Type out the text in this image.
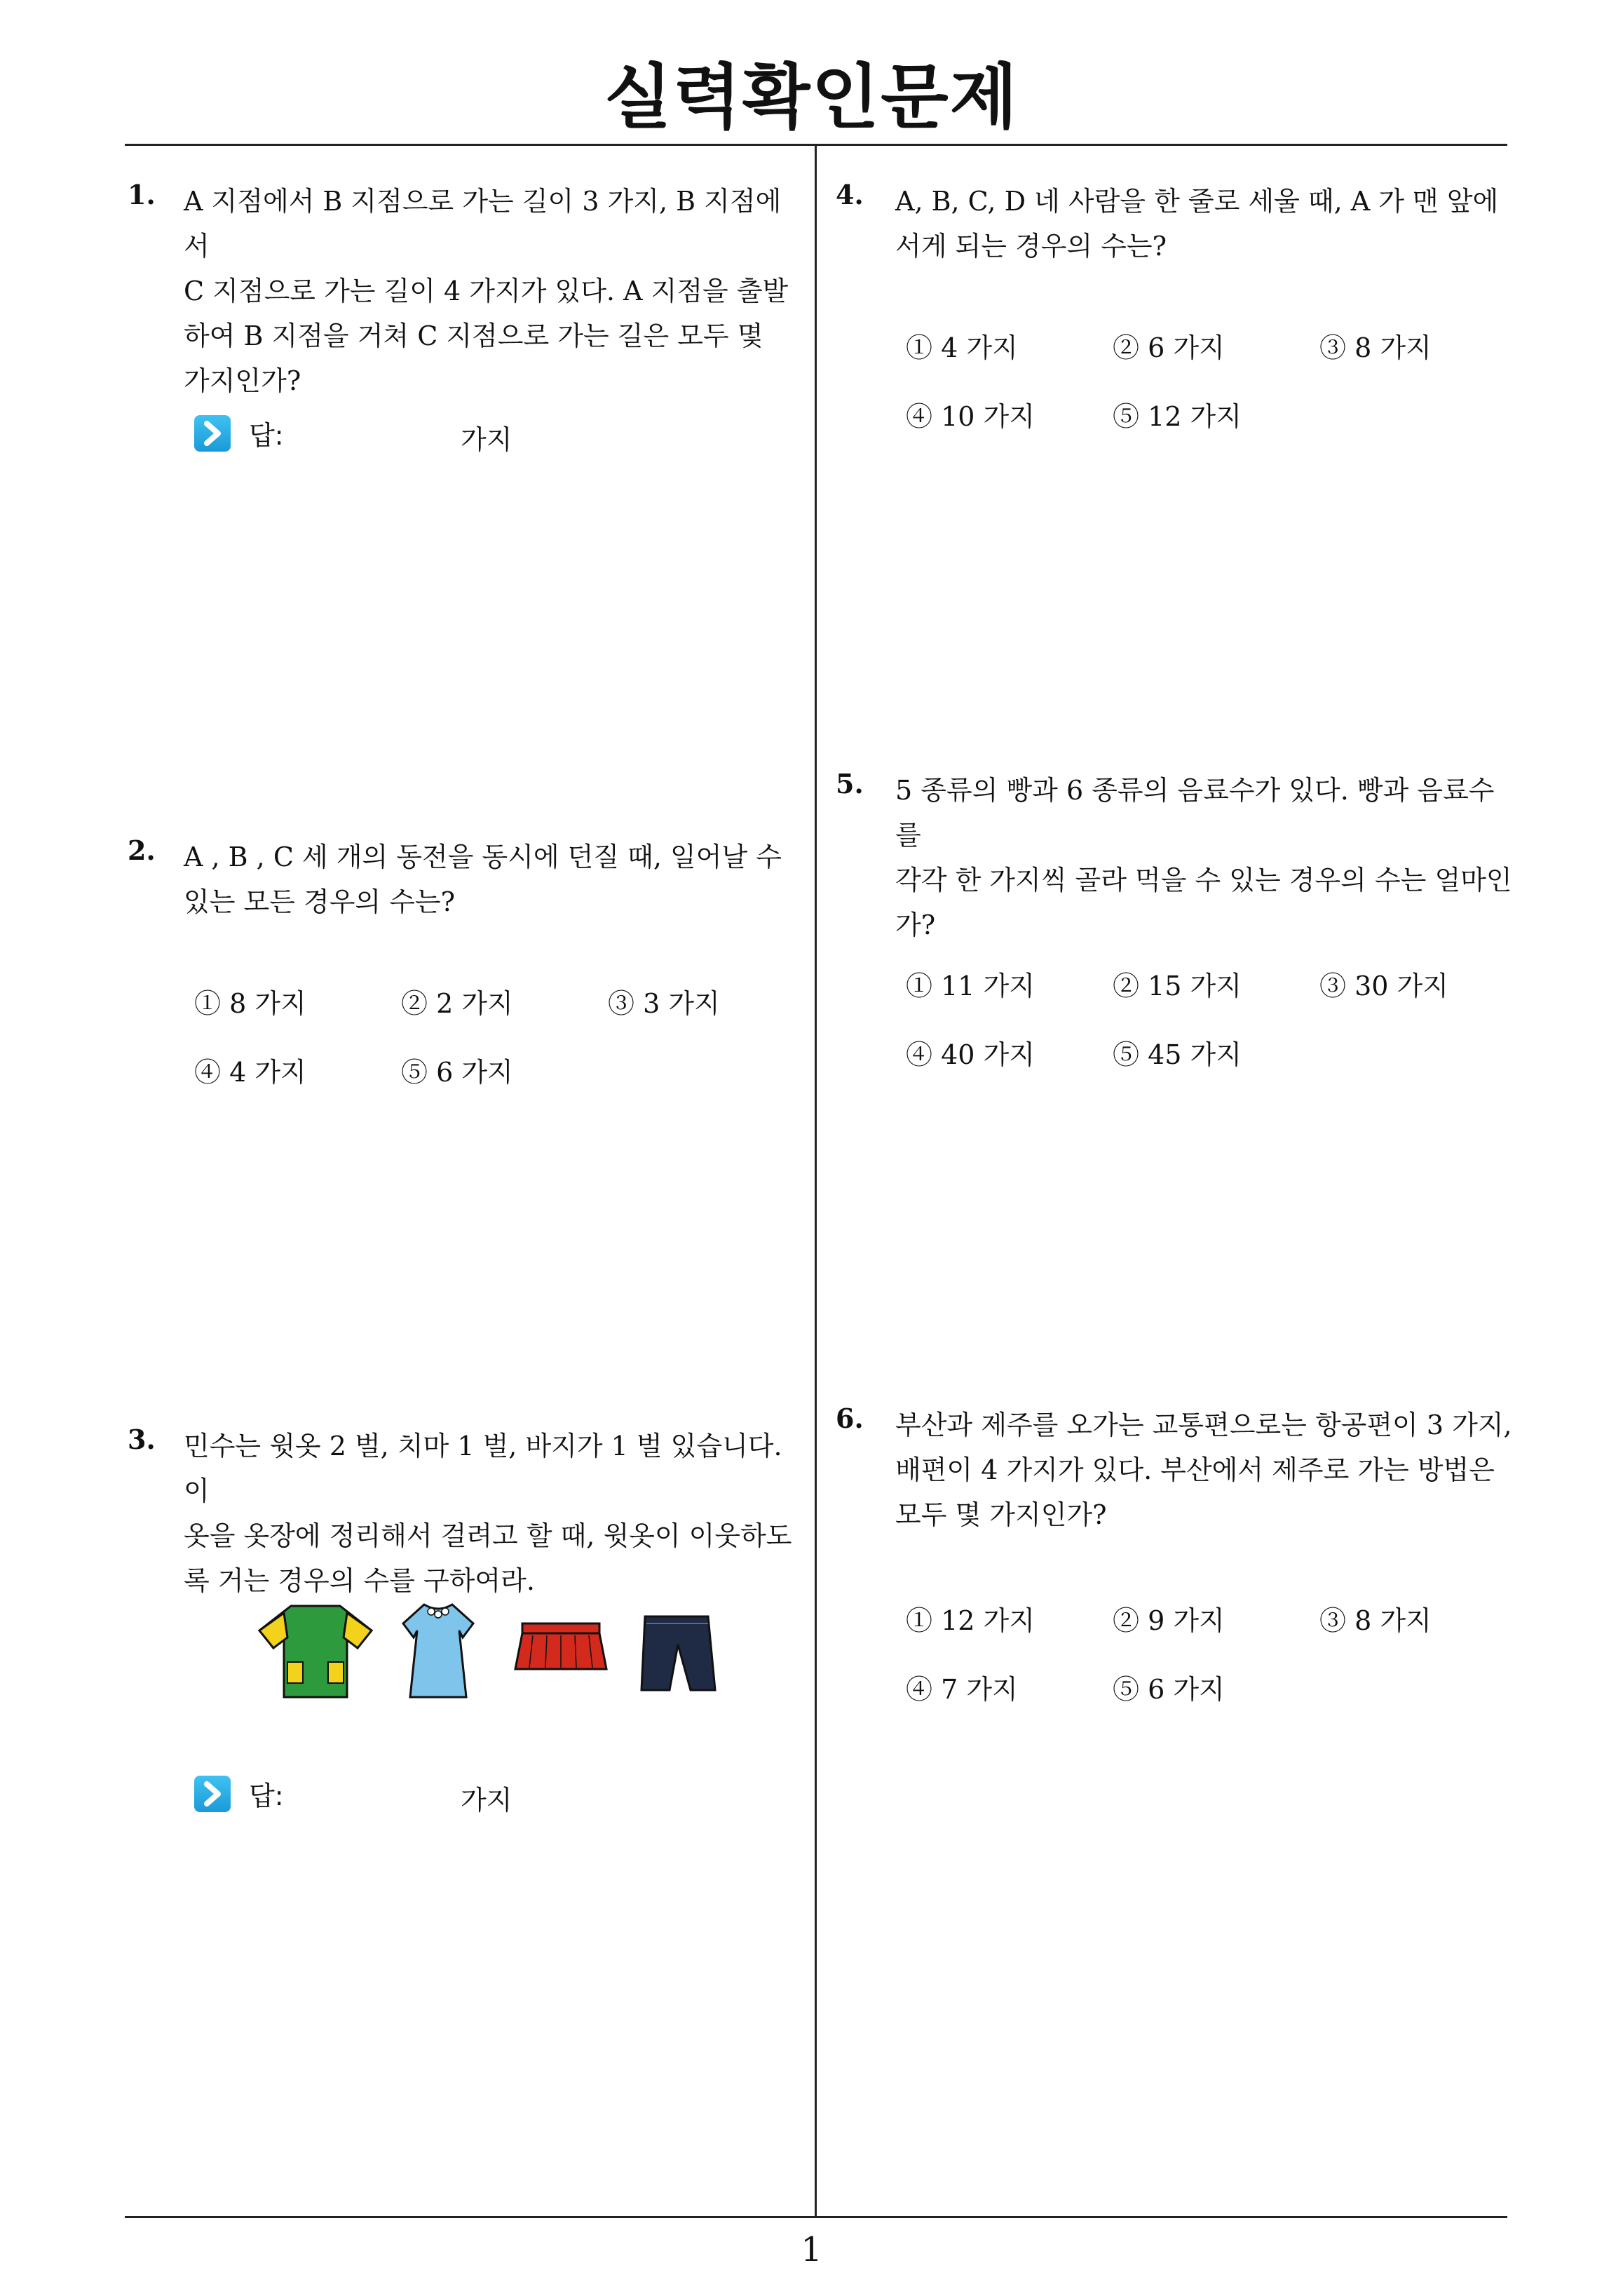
실력확인문제
1. A 지점에서 B 지점으로 가는 길이 3 가지, B 지점에서
C 지점으로 가는 길이 4 가지가 있다. A 지점을 출발
하여 B 지점을 거쳐 C 지점으로 가는 길은 모두 몇
가지인가?
답:	가지
2. A , B , C 세 개의 동전을 동시에 던질 때, 일어날 수
있는 모든 경우의 수는?
① 8 가지	② 2 가지	③ 3 가지
④ 4 가지	⑤ 6 가지
3. 민수는 윗옷 2 벌, 치마 1 벌, 바지가 1 벌 있습니다. 이
옷을 옷장에 정리해서 걸려고 할 때, 윗옷이 이웃하도
록 거는 경우의 수를 구하여라.
답:	가지
4. A, B, C, D 네 사람을 한 줄로 세울 때, A 가 맨 앞에
서게 되는 경우의 수는?
① 4 가지	② 6 가지	③ 8 가지
④ 10 가지	⑤ 12 가지
5. 5 종류의 빵과 6 종류의 음료수가 있다. 빵과 음료수를
각각 한 가지씩 골라 먹을 수 있는 경우의 수는 얼마인
가?
① 11 가지	② 15 가지	③ 30 가지
④ 40 가지	⑤ 45 가지
6. 부산과 제주를 오가는 교통편으로는 항공편이 3 가지,
배편이 4 가지가 있다. 부산에서 제주로 가는 방법은
모두 몇 가지인가?
① 12 가지	② 9 가지	③ 8 가지
④ 7 가지	⑤ 6 가지
1
